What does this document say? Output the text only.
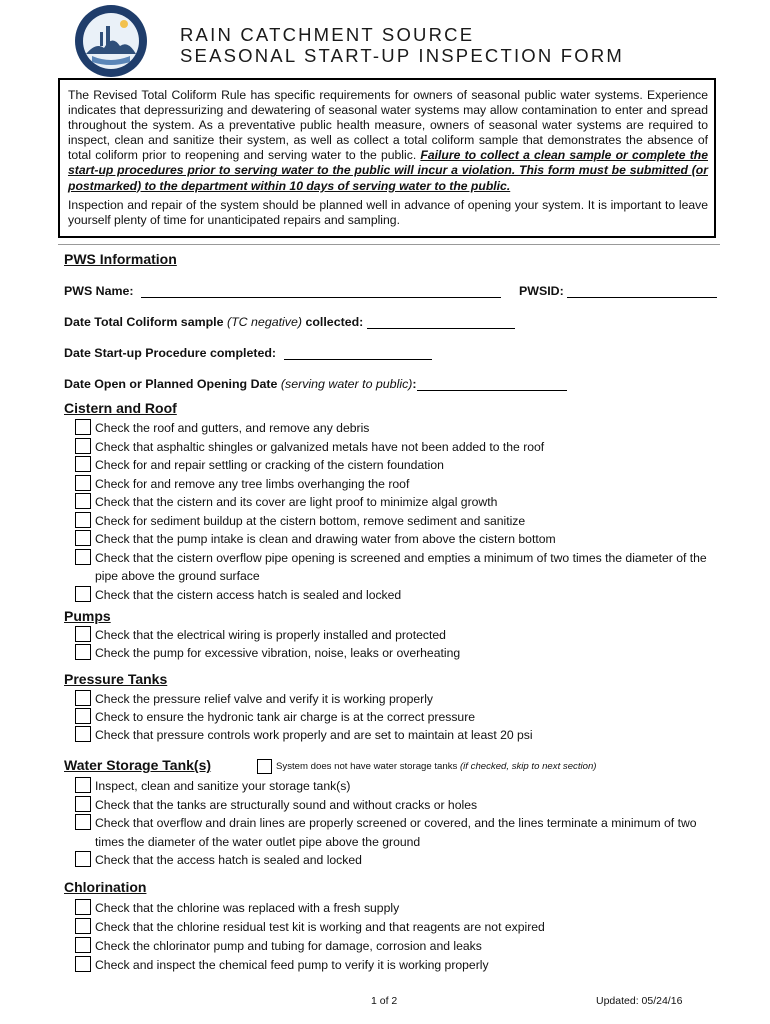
RAIN CATCHMENT SOURCE
SEASONAL START-UP INSPECTION FORM

The Revised Total Coliform Rule has specific requirements for owners of seasonal public water systems. Experience indicates that depressurizing and dewatering of seasonal water systems may allow contamination to enter and spread throughout the system. As a preventative public health measure, owners of seasonal water systems are required to inspect, clean and sanitize their system, as well as collect a total coliform sample that demonstrates the absence of total coliform prior to reopening and serving water to the public. Failure to collect a clean sample or complete the start-up procedures prior to serving water to the public will incur a violation. This form must be submitted (or postmarked) to the department within 10 days of serving water to the public.

Inspection and repair of the system should be planned well in advance of opening your system. It is important to leave yourself plenty of time for unanticipated repairs and sampling.

PWS Information
PWS Name:	PWSID:
Date Total Coliform sample (TC negative) collected:
Date Start-up Procedure completed:
Date Open or Planned Opening Date (serving water to public):
Cistern and Roof
Check the roof and gutters, and remove any debris
Check that asphaltic shingles or galvanized metals have not been added to the roof
Check for and repair settling or cracking of the cistern foundation
Check for and remove any tree limbs overhanging the roof
Check that the cistern and its cover are light proof to minimize algal growth
Check for sediment buildup at the cistern bottom, remove sediment and sanitize
Check that the pump intake is clean and drawing water from above the cistern bottom
Check that the cistern overflow pipe opening is screened and empties a minimum of two times the diameter of the pipe above the ground surface
Check that the cistern access hatch is sealed and locked
Pumps
Check that the electrical wiring is properly installed and protected
Check the pump for excessive vibration, noise, leaks or overheating
Pressure Tanks
Check the pressure relief valve and verify it is working properly
Check to ensure the hydronic tank air charge is at the correct pressure
Check that pressure controls work properly and are set to maintain at least 20 psi
Water Storage Tank(s)	System does not have water storage tanks (if checked, skip to next section)
Inspect, clean and sanitize your storage tank(s)
Check that the tanks are structurally sound and without cracks or holes
Check that overflow and drain lines are properly screened or covered, and the lines terminate a minimum of two times the diameter of the water outlet pipe above the ground
Check that the access hatch is sealed and locked
Chlorination
Check that the chlorine was replaced with a fresh supply
Check that the chlorine residual test kit is working and that reagents are not expired
Check the chlorinator pump and tubing for damage, corrosion and leaks
Check and inspect the chemical feed pump to verify it is working properly
1 of 2	Updated: 05/24/16
